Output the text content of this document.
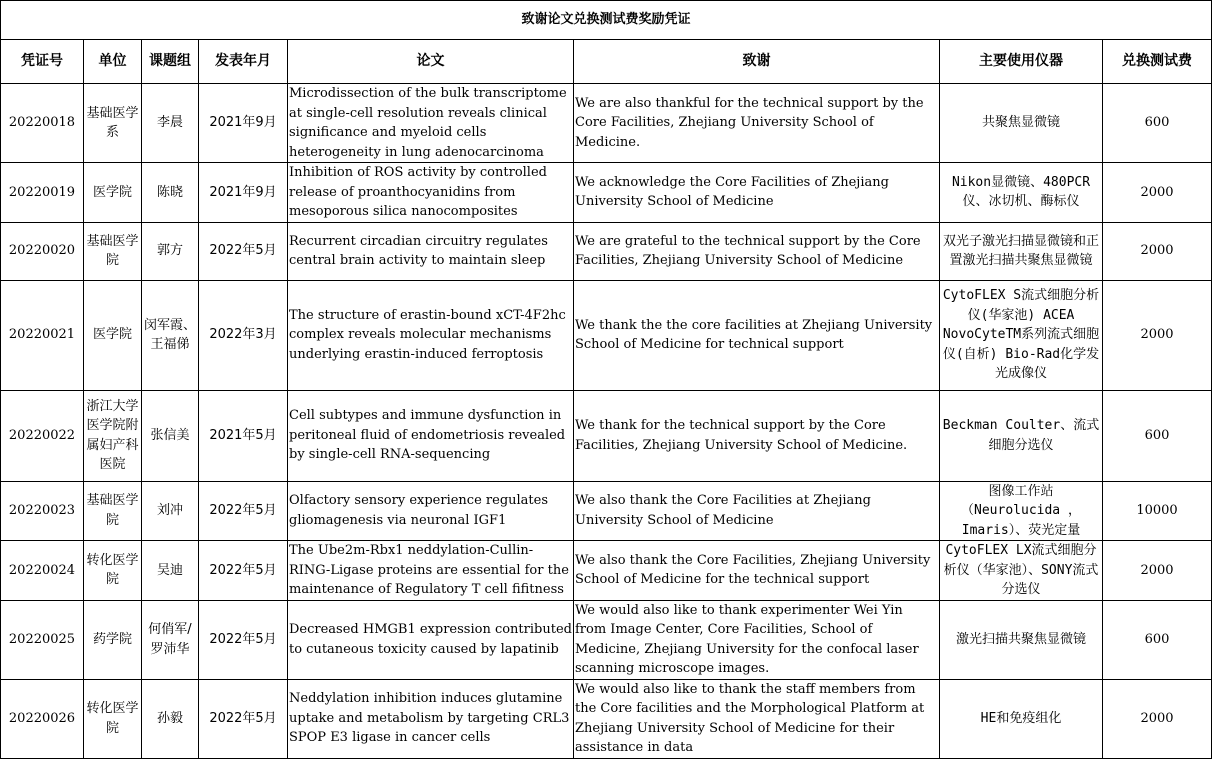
致谢论文兑换测试费奖励凭证							
凭证号	单位	课题组	发表年月	论文	致谢	主要使用仪器	兑换测试费
20220018	基础医学系	李晨	2021年9月	Microdissection of the bulk transcriptome at single-cell resolution reveals clinical significance and myeloid cells heterogeneity in lung adenocarcinoma	We are also thankful for the technical support by the Core Facilities, Zhejiang University School of Medicine.	共聚焦显微镜	600
20220019	医学院	陈晓	2021年9月	Inhibition of ROS activity by controlled release of proanthocyanidins from mesoporous silica nanocomposites	We acknowledge the Core Facilities of Zhejiang University School of Medicine	Nikon显微镜、480PCR仪、冰切机、酶标仪	2000
20220020	基础医学院	郭方	2022年5月	Recurrent circadian circuitry regulates central brain activity to maintain sleep	We are grateful to the technical support by the Core Facilities, Zhejiang University School of Medicine	双光子激光扫描显微镜和正置激光扫描共聚焦显微镜	2000
20220021	医学院	闵军霞、王福俤	2022年3月	The structure of erastin-bound xCT-4F2hc complex reveals molecular mechanisms underlying erastin-induced ferroptosis	We thank the the core facilities at Zhejiang University School of Medicine for technical support	CytoFLEX S流式细胞分析仪(华家池) ACEA NovoCyteTM系列流式细胞仪(自析) Bio-Rad化学发光成像仪	2000
20220022	浙江大学医学院附属妇产科医院	张信美	2021年5月	Cell subtypes and immune dysfunction in peritoneal fluid of endometriosis revealed by single-cell RNA-sequencing	We thank for the technical support by the Core Facilities, Zhejiang University School of Medicine.	Beckman Coulter、流式细胞分选仪	600
20220023	基础医学院	刘冲	2022年5月	Olfactory sensory experience regulates gliomagenesis via neuronal IGF1	We also thank the Core Facilities at Zhejiang University School of Medicine	图像工作站（Neurolucida ，Imaris）、荧光定量	10000
20220024	转化医学院	吴迪	2022年5月	The Ube2m-Rbx1 neddylation-Cullin-RING-Ligase proteins are essential for the maintenance of Regulatory T cell fifitness	We also thank the Core Facilities, Zhejiang University School of Medicine for the technical support	CytoFLEX LX流式细胞分析仪（华家池）、SONY流式分选仪	2000
20220025	药学院	何俏军/罗沛华	2022年5月	Decreased HMGB1 expression contributed to cutaneous toxicity caused by lapatinib	We would also like to thank experimenter Wei Yin from Image Center, Core Facilities, School of Medicine, Zhejiang University for the confocal laser scanning microscope images.	激光扫描共聚焦显微镜	600
20220026	转化医学院	孙毅	2022年5月	Neddylation inhibition induces glutamine uptake and metabolism by targeting CRL3 SPOP E3 ligase in cancer cells	We would also like to thank the staff members from the Core facilities and the Morphological Platform at Zhejiang University School of Medicine for their assistance in data	HE和免疫组化	2000
